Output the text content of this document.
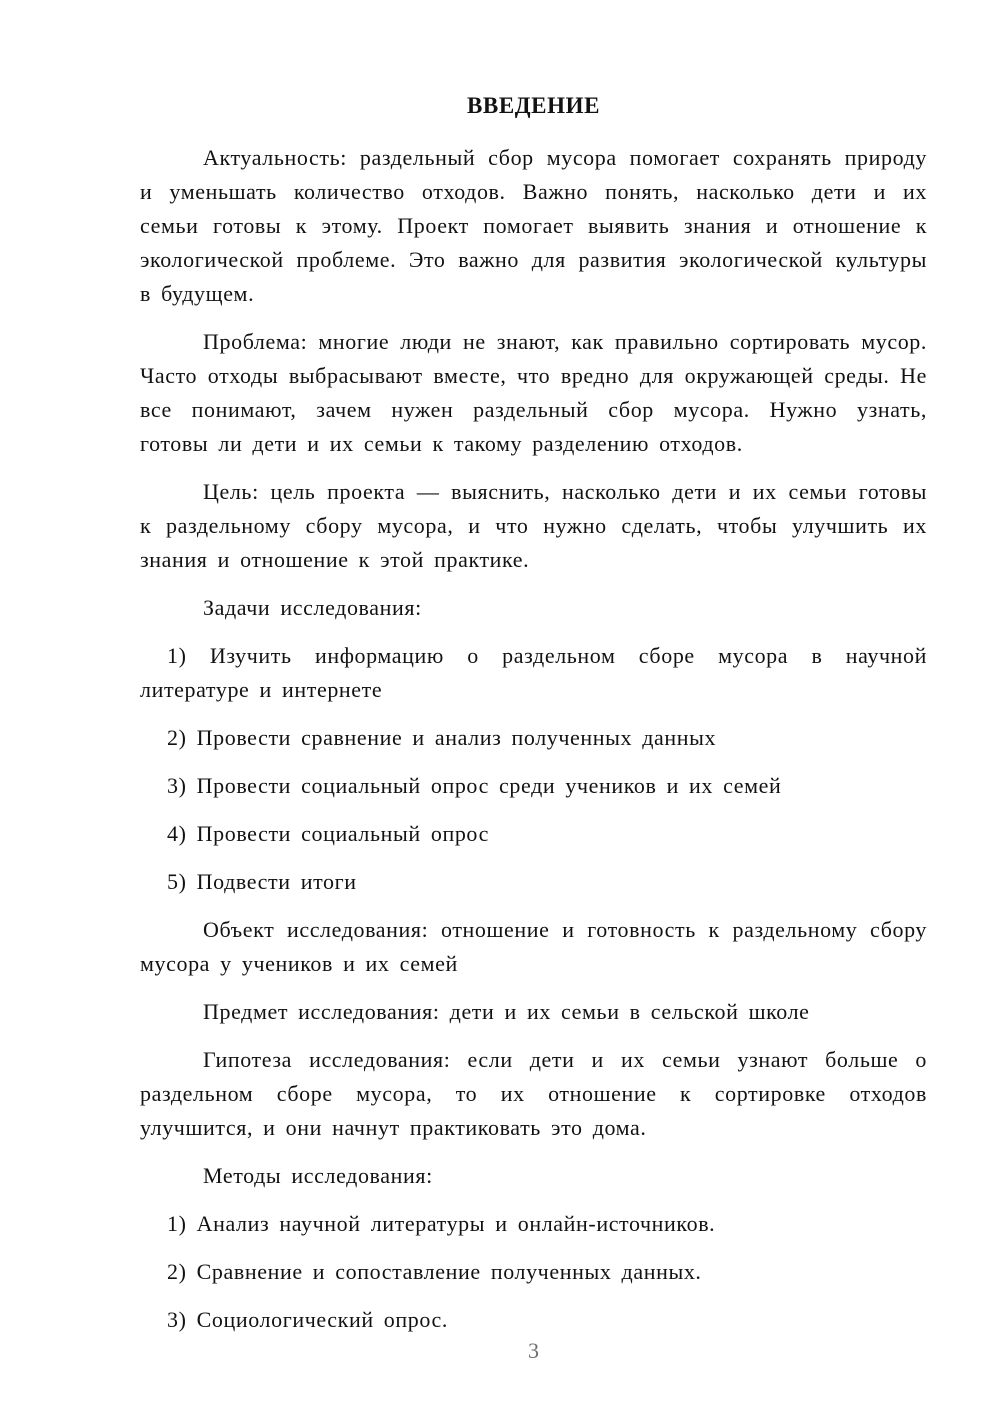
ВВЕДЕНИЕ

Актуальность: раздельный сбор мусора помогает сохранять природу и уменьшать количество отходов. Важно понять, насколько дети и их семьи готовы к этому. Проект помогает выявить знания и отношение к экологической проблеме. Это важно для развития экологической культуры в будущем.

Проблема: многие люди не знают, как правильно сортировать мусор. Часто отходы выбрасывают вместе, что вредно для окружающей среды. Не все понимают, зачем нужен раздельный сбор мусора. Нужно узнать, готовы ли дети и их семьи к такому разделению отходов.

Цель: цель проекта — выяснить, насколько дети и их семьи готовы к раздельному сбору мусора, и что нужно сделать, чтобы улучшить их знания и отношение к этой практике.

Задачи исследования:

1) Изучить информацию о раздельном сборе мусора в научной литературе и интернете

2) Провести сравнение и анализ полученных данных

3) Провести социальный опрос среди учеников и их семей

4) Провести социальный опрос

5) Подвести итоги

Объект исследования: отношение и готовность к раздельному сбору мусора у учеников и их семей

Предмет исследования: дети и их семьи в сельской школе

Гипотеза исследования: если дети и их семьи узнают больше о раздельном сборе мусора, то их отношение к сортировке отходов улучшится, и они начнут практиковать это дома.

Методы исследования:

1) Анализ научной литературы и онлайн-источников.

2) Сравнение и сопоставление полученных данных.

3) Социологический опрос.

3
